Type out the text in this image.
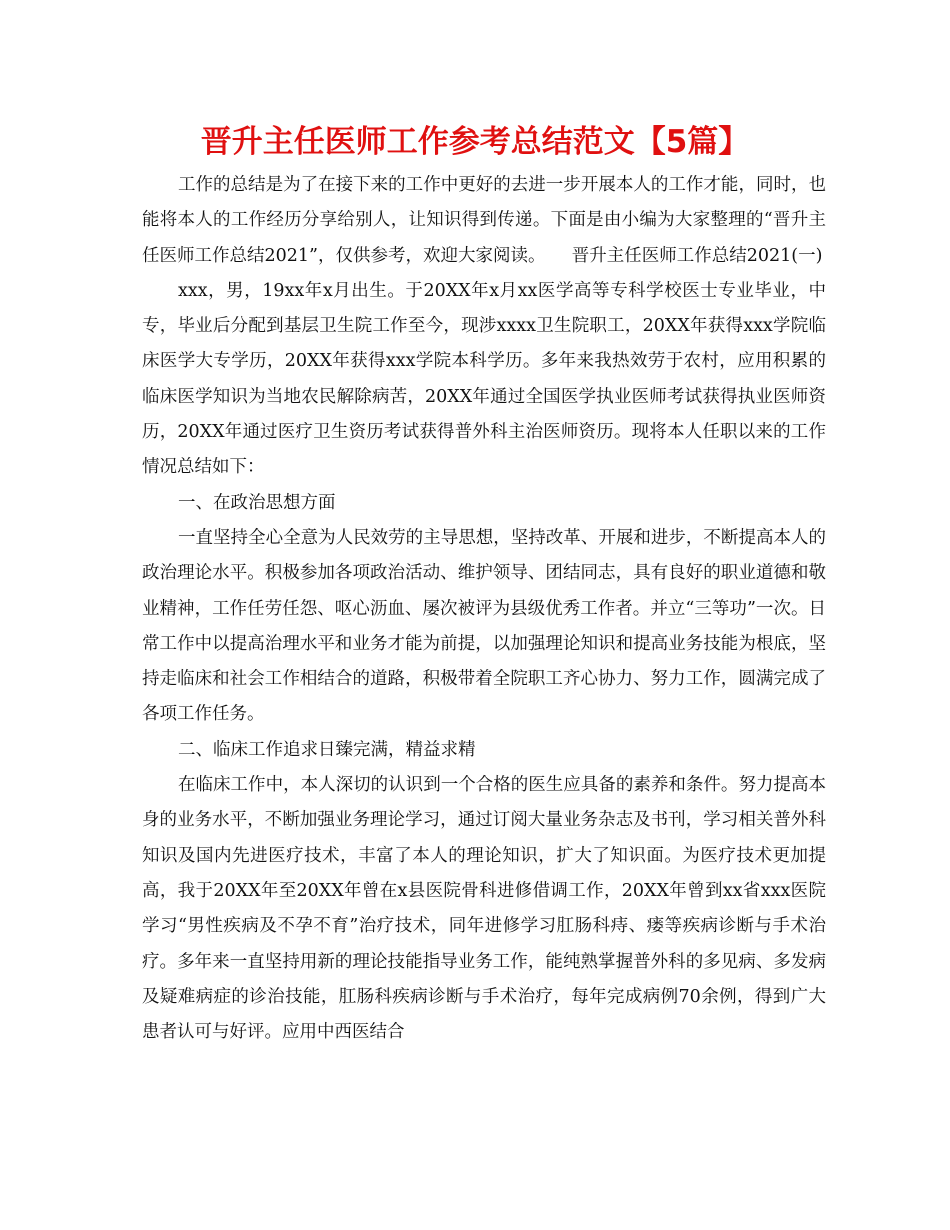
晋升主任医师工作参考总结范文【5篇】

工作的总结是为了在接下来的工作中更好的去进一步开展本人的工作才能，同时，也能将本人的工作经历分享给别人，让知识得到传递。下面是由小编为大家整理的“晋升主任医师工作总结2021”，仅供参考，欢迎大家阅读。　　晋升主任医师工作总结2021(一)

xxx，男，19xx年x月出生。于20XX年x月xx医学高等专科学校医士专业毕业，中专，毕业后分配到基层卫生院工作至今，现涉xxxx卫生院职工，20XX年获得xxx学院临床医学大专学历，20XX年获得xxx学院本科学历。多年来我热效劳于农村，应用积累的临床医学知识为当地农民解除病苦，20XX年通过全国医学执业医师考试获得执业医师资历，20XX年通过医疗卫生资历考试获得普外科主治医师资历。现将本人任职以来的工作情况总结如下：

一、在政治思想方面

一直坚持全心全意为人民效劳的主导思想，坚持改革、开展和进步，不断提高本人的政治理论水平。积极参加各项政治活动、维护领导、团结同志，具有良好的职业道德和敬业精神，工作任劳任怨、呕心沥血、屡次被评为县级优秀工作者。并立“三等功”一次。日常工作中以提高治理水平和业务才能为前提，以加强理论知识和提高业务技能为根底，坚持走临床和社会工作相结合的道路，积极带着全院职工齐心协力、努力工作，圆满完成了各项工作任务。

二、临床工作追求日臻完满，精益求精

在临床工作中，本人深切的认识到一个合格的医生应具备的素养和条件。努力提高本身的业务水平，不断加强业务理论学习，通过订阅大量业务杂志及书刊，学习相关普外科知识及国内先进医疗技术，丰富了本人的理论知识，扩大了知识面。为医疗技术更加提高，我于20XX年至20XX年曾在x县医院骨科进修借调工作，20XX年曾到xx省xxx医院学习“男性疾病及不孕不育”治疗技术，同年进修学习肛肠科痔、瘘等疾病诊断与手术治疗。多年来一直坚持用新的理论技能指导业务工作，能纯熟掌握普外科的多见病、多发病及疑难病症的诊治技能，肛肠科疾病诊断与手术治疗，每年完成病例70余例，得到广大患者认可与好评。应用中西医结合
